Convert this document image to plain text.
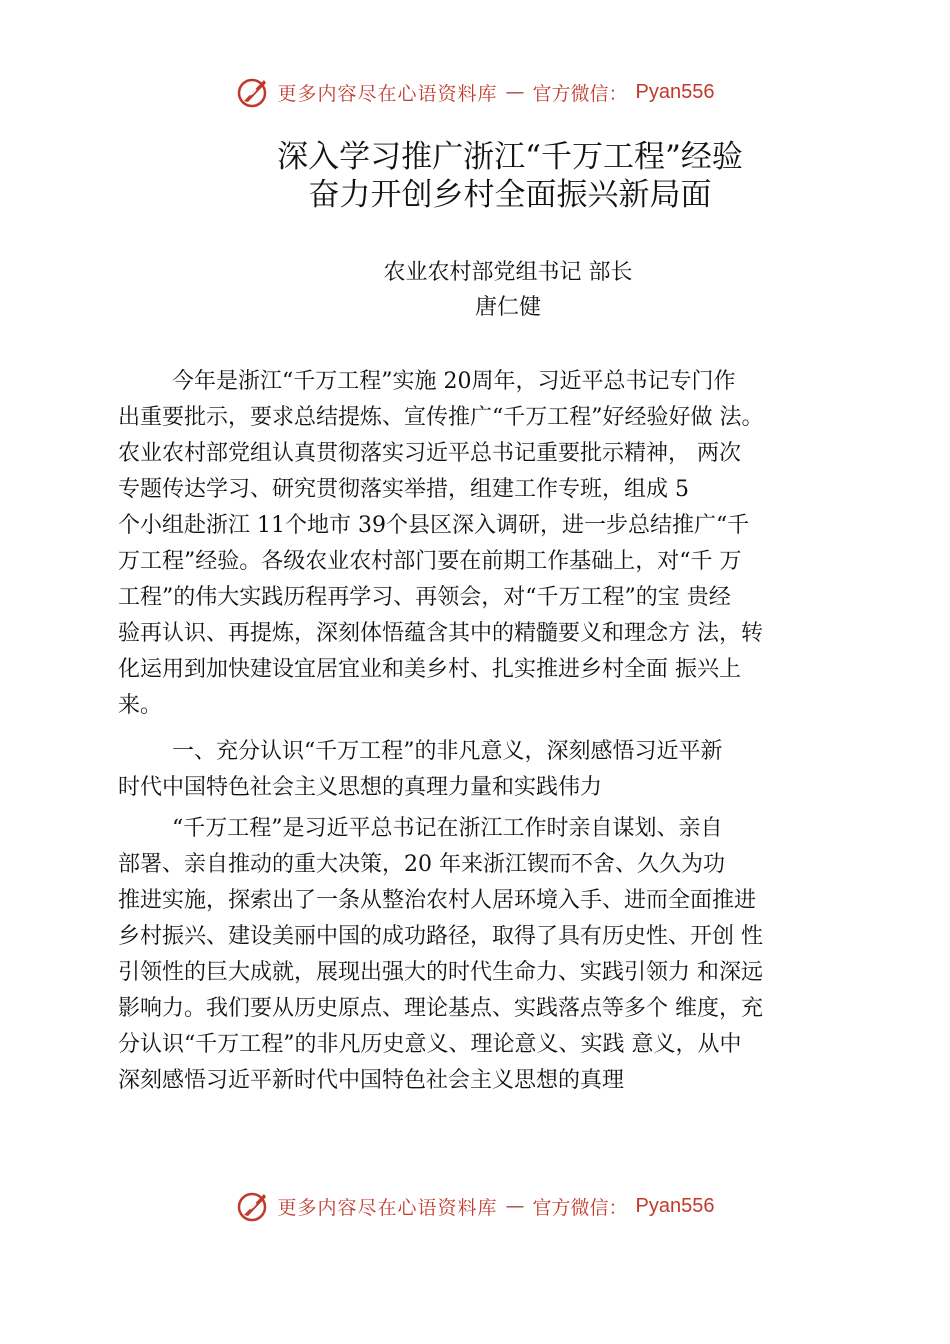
更多内容尽在心语资料库 — 官方微信： Pyan556
深入学习推广浙江“千万工程”经验
奋力开创乡村全面振兴新局面
农业农村部党组书记 部长
唐仁健

今年是浙江“千万工程”实施 20周年，习近平总书记专门作

出重要批示，要求总结提炼、宣传推广“千万工程”好经验好做 法。

农业农村部党组认真贯彻落实习近平总书记重要批示精神， 两次

专题传达学习、研究贯彻落实举措，组建工作专班，组成 5

个小组赴浙江 11个地市 39个县区深入调研，进一步总结推广“千

万工程”经验。各级农业农村部门要在前期工作基础上，对“千 万

工程”的伟大实践历程再学习、再领会，对“千万工程”的宝 贵经

验再认识、再提炼，深刻体悟蕴含其中的精髓要义和理念方 法，转

化运用到加快建设宜居宜业和美乡村、扎实推进乡村全面 振兴上

来。

一、充分认识“千万工程”的非凡意义，深刻感悟习近平新

时代中国特色社会主义思想的真理力量和实践伟力

“千万工程”是习近平总书记在浙江工作时亲自谋划、亲自

部署、亲自推动的重大决策，20 年来浙江锲而不舍、久久为功

推进实施，探索出了一条从整治农村人居环境入手、进而全面推进

乡村振兴、建设美丽中国的成功路径，取得了具有历史性、开创 性

引领性的巨大成就，展现出强大的时代生命力、实践引领力 和深远

影响力。我们要从历史原点、理论基点、实践落点等多个 维度，充

分认识“千万工程”的非凡历史意义、理论意义、实践 意义，从中

深刻感悟习近平新时代中国特色社会主义思想的真理

更多内容尽在心语资料库 — 官方微信： Pyan556
